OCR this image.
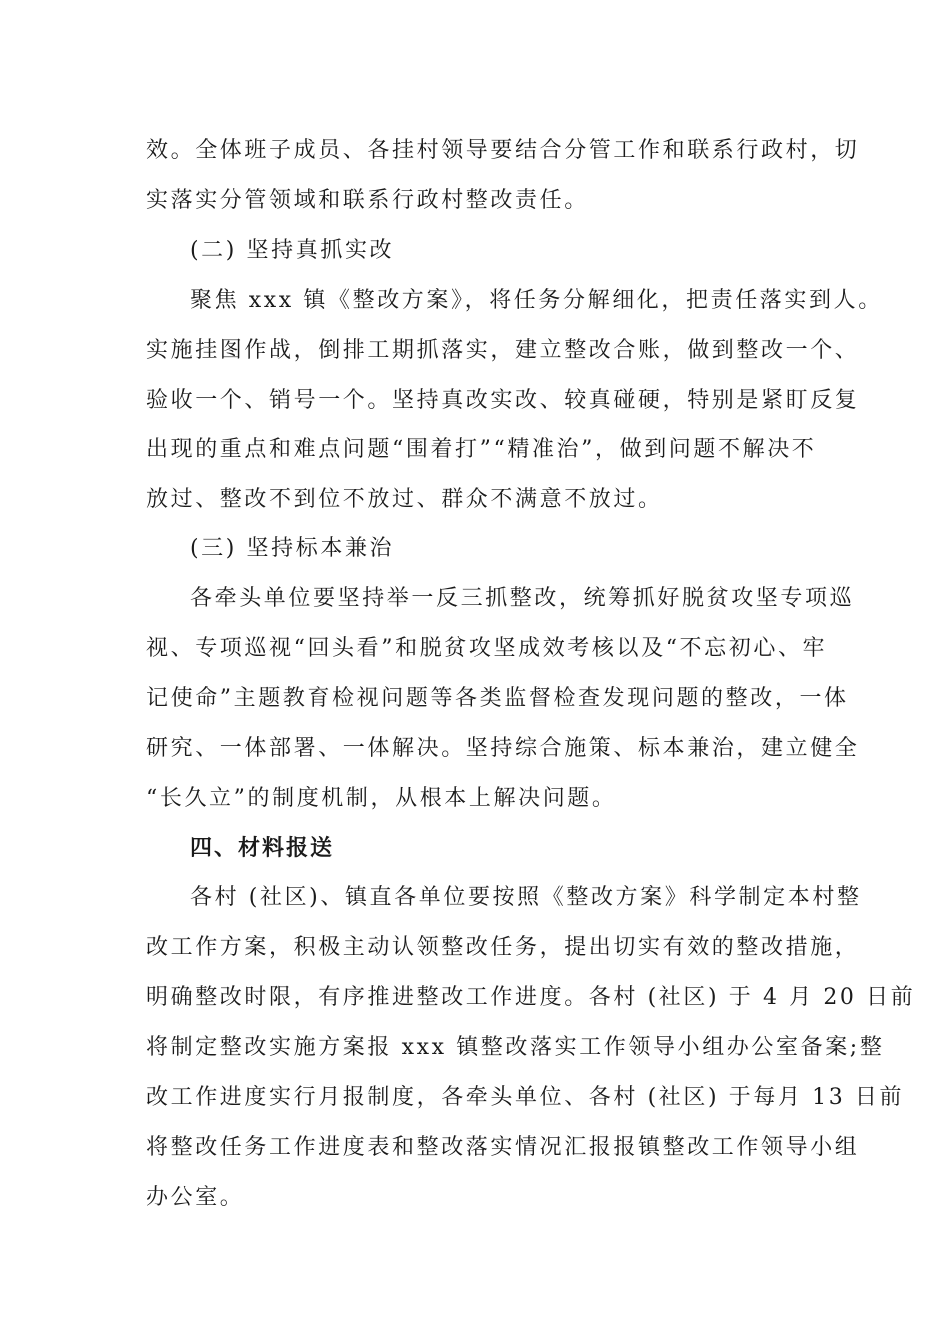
效。全体班子成员、各挂村领导要结合分管工作和联系行政村，切
实落实分管领域和联系行政村整改责任。
(二) 坚持真抓实改
聚焦 xxx 镇《整改方案》，将任务分解细化，把责任落实到人。
实施挂图作战，倒排工期抓落实，建立整改合账，做到整改一个、
验收一个、销号一个。坚持真改实改、较真碰硬，特别是紧盯反复
出现的重点和难点问题“围着打”“精准治”，做到问题不解决不
放过、整改不到位不放过、群众不满意不放过。
(三) 坚持标本兼治
各牵头单位要坚持举一反三抓整改，统筹抓好脱贫攻坚专项巡
视、专项巡视“回头看”和脱贫攻坚成效考核以及“不忘初心、牢
记使命”主题教育检视问题等各类监督检查发现问题的整改，一体
研究、一体部署、一体解决。坚持综合施策、标本兼治，建立健全
“长久立”的制度机制，从根本上解决问题。
四、材料报送
各村 (社区)、镇直各单位要按照《整改方案》科学制定本村整
改工作方案，积极主动认领整改任务，提出切实有效的整改措施，
明确整改时限，有序推进整改工作进度。各村 (社区) 于 4 月 20 日前
将制定整改实施方案报 xxx 镇整改落实工作领导小组办公室备案;整
改工作进度实行月报制度，各牵头单位、各村 (社区) 于每月 13 日前
将整改任务工作进度表和整改落实情况汇报报镇整改工作领导小组
办公室。
